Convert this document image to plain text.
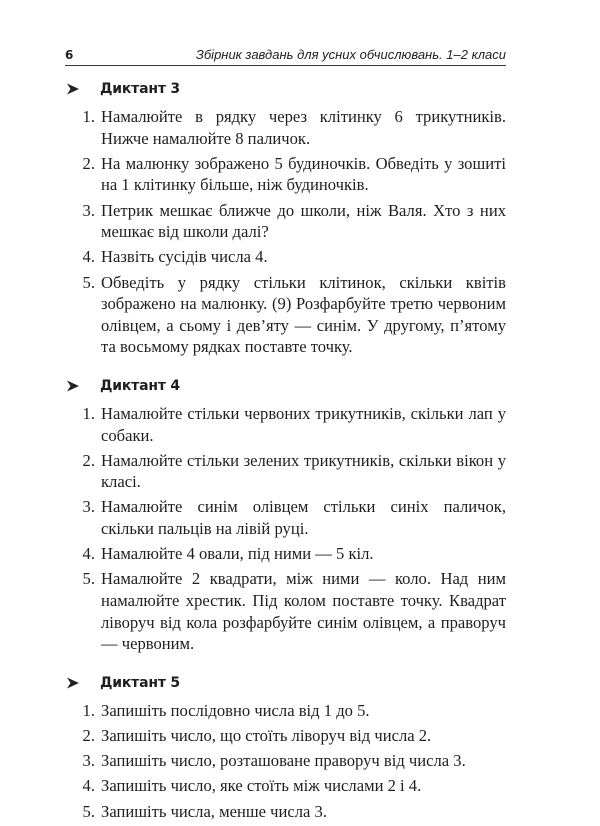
6	Збірник завдань для усних обчислювань. 1–2 класи
Диктант 3
1. Намалюйте в рядку через клітинку 6 трикутників. Нижче намалюйте 8 паличок.
2. На малюнку зображено 5 будиночків. Обведіть у зошиті на 1 клітинку більше, ніж будиночків.
3. Петрик мешкає ближче до школи, ніж Валя. Хто з них мешкає від школи далі?
4. Назвіть сусідів числа 4.
5. Обведіть у рядку стільки клітинок, скільки квітів зображено на малюнку. (9) Розфарбуйте третю червоним олівцем, а сьому і дев’яту — синім. У другому, п’ятому та восьмому рядках поставте точку.
Диктант 4
1. Намалюйте стільки червоних трикутників, скільки лап у собаки.
2. Намалюйте стільки зелених трикутників, скільки вікон у класі.
3. Намалюйте синім олівцем стільки синіх паличок, скільки пальців на лівій руці.
4. Намалюйте 4 овали, під ними — 5 кіл.
5. Намалюйте 2 квадрати, між ними — коло. Над ним намалюйте хрестик. Під колом поставте точку. Квадрат ліворуч від кола розфарбуйте синім олівцем, а праворуч — червоним.
Диктант 5
1. Запишіть послідовно числа від 1 до 5.
2. Запишіть число, що стоїть ліворуч від числа 2.
3. Запишіть число, розташоване праворуч від числа 3.
4. Запишіть число, яке стоїть між числами 2 і 4.
5. Запишіть числа, менше числа 3.
